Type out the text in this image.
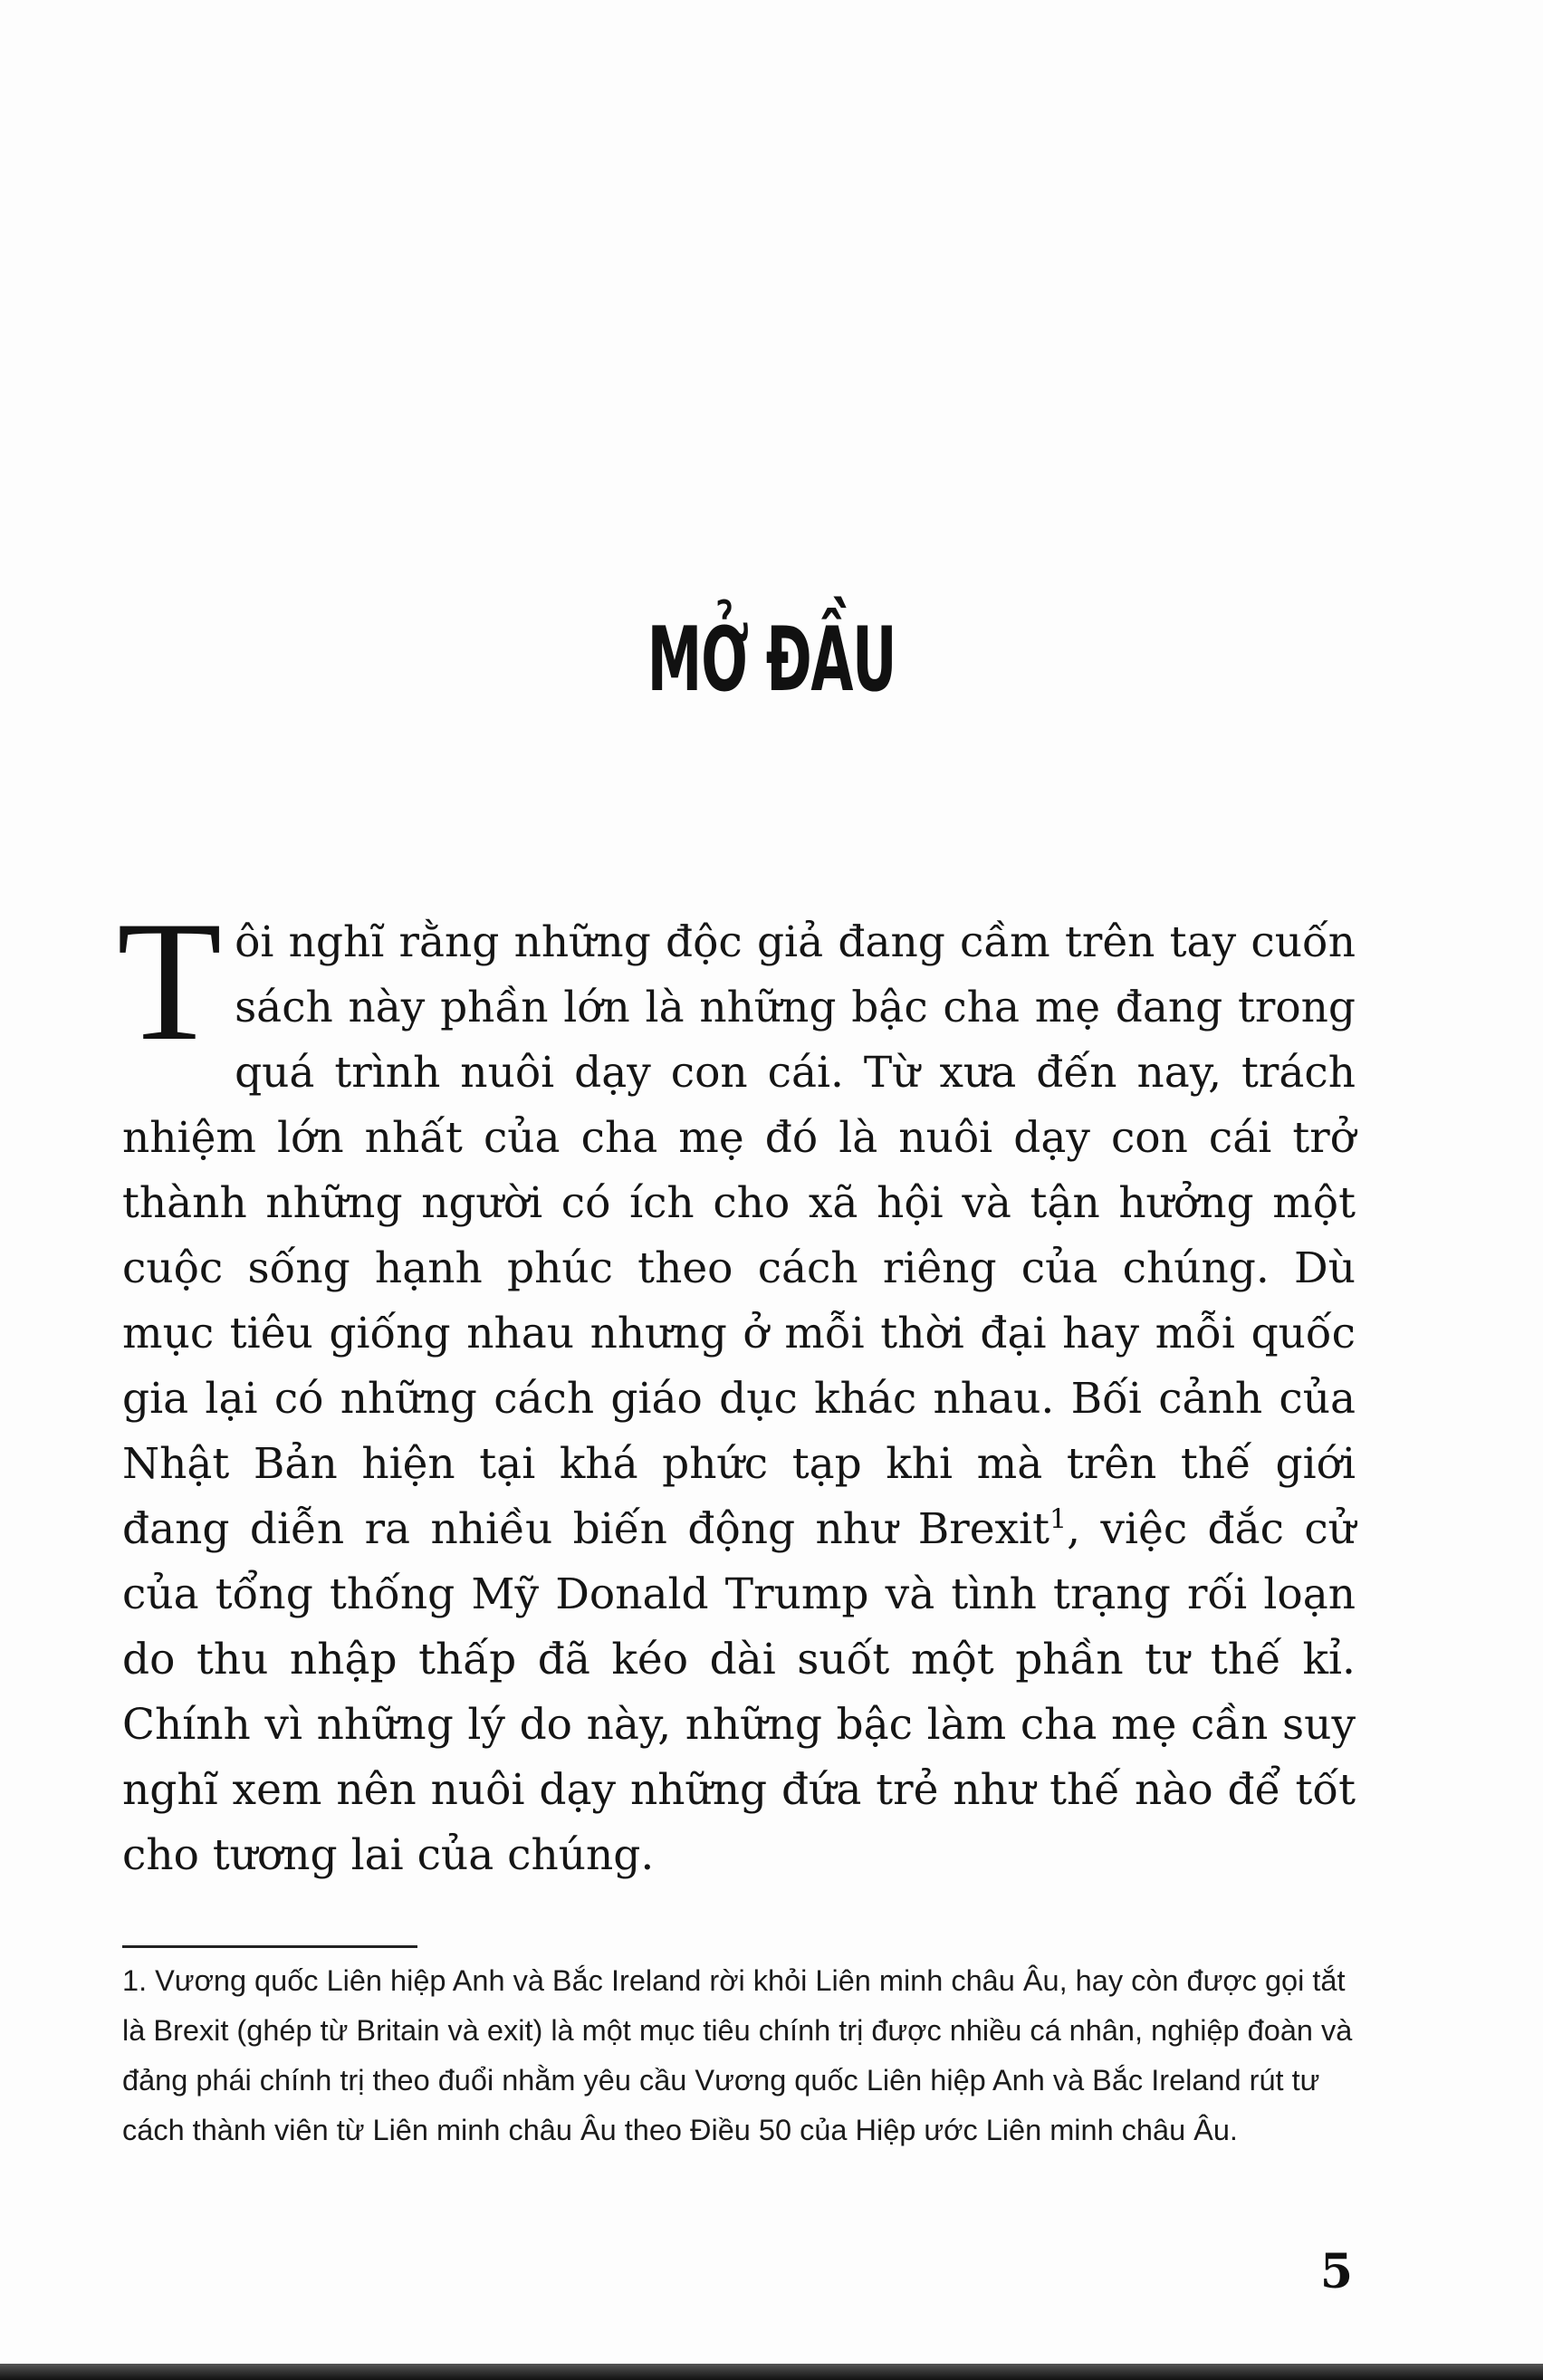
MỞ ĐẦU
Tôi nghĩ rằng những độc giả đang cầm trên tay cuốn sách này phần lớn là những bậc cha mẹ đang trong quá trình nuôi dạy con cái. Từ xưa đến nay, trách nhiệm lớn nhất của cha mẹ đó là nuôi dạy con cái trở thành những người có ích cho xã hội và tận hưởng một cuộc sống hạnh phúc theo cách riêng của chúng. Dù mục tiêu giống nhau nhưng ở mỗi thời đại hay mỗi quốc gia lại có những cách giáo dục khác nhau. Bối cảnh của Nhật Bản hiện tại khá phức tạp khi mà trên thế giới đang diễn ra nhiều biến động như Brexit$^1$, việc đắc cử của tổng thống Mỹ Donald Trump và tình trạng rối loạn do thu nhập thấp đã kéo dài suốt một phần tư thế kỉ. Chính vì những lý do này, những bậc làm cha mẹ cần suy nghĩ xem nên nuôi dạy những đứa trẻ như thế nào để tốt cho tương lai của chúng.
1. Vương quốc Liên hiệp Anh và Bắc Ireland rời khỏi Liên minh châu Âu, hay còn được gọi tắt là Brexit (ghép từ Britain và exit) là một mục tiêu chính trị được nhiều cá nhân, nghiệp đoàn và đảng phái chính trị theo đuổi nhằm yêu cầu Vương quốc Liên hiệp Anh và Bắc Ireland rút tư cách thành viên từ Liên minh châu Âu theo Điều 50 của Hiệp ước Liên minh châu Âu.
5
